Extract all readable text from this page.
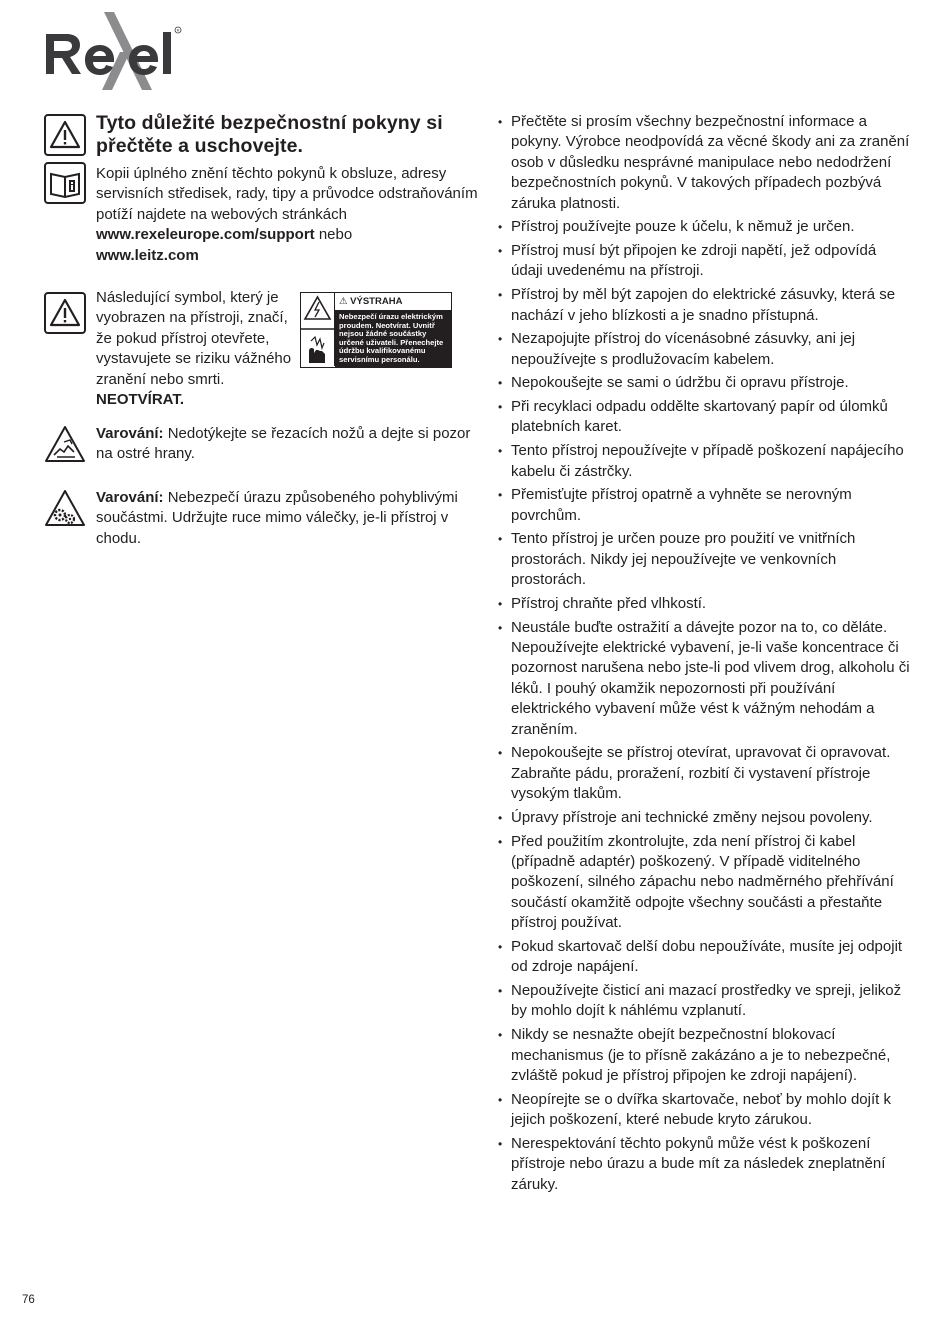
R
Tyto důležité bezpečnostní pokyny si přečtěte a uschovejte.

Kopii úplného znění těchto pokynů k obsluze, adresy servisních středisek, rady, tipy a průvodce odstraňováním potíží najdete na webových stránkách www.rexeleurope.com/support nebo
www.leitz.com

Následující symbol, který je vyobrazen na přístroji, značí, že pokud přístroj otevřete, vystavujete se riziku vážného zranění nebo smrti. NEOTVÍRAT.

⚠ VÝSTRAHA
Nebezpečí úrazu elektrickým proudem. Neotvírat. Uvnitř nejsou žádné součástky určené uživateli. Přenechejte údržbu kvalifikovanému servisnímu personálu.

Varování: Nedotýkejte se řezacích nožů a dejte si pozor na ostré hrany.

Varování: Nebezpečí úrazu způsobeného pohyblivými součástmi. Udržujte ruce mimo válečky, je-li přístroj v chodu.

• Přečtěte si prosím všechny bezpečnostní informace a pokyny. Výrobce neodpovídá za věcné škody ani za zranění osob v důsledku nesprávné manipulace nebo nedodržení bezpečnostních pokynů. V takových případech pozbývá záruka platnosti.
• Přístroj používejte pouze k účelu, k němuž je určen.
• Přístroj musí být připojen ke zdroji napětí, jež odpovídá údaji uvedenému na přístroji.
• Přístroj by měl být zapojen do elektrické zásuvky, která se nachází v jeho blízkosti a je snadno přístupná.
• Nezapojujte přístroj do vícenásobné zásuvky, ani jej nepoužívejte s prodlužovacím kabelem.
• Nepokoušejte se sami o údržbu či opravu přístroje.
• Při recyklaci odpadu oddělte skartovaný papír od úlomků platebních karet.
• Tento přístroj nepoužívejte v případě poškození napájecího kabelu či zástrčky.
• Přemisťujte přístroj opatrně a vyhněte se nerovným povrchům.
• Tento přístroj je určen pouze pro použití ve vnitřních prostorách. Nikdy jej nepoužívejte ve venkovních prostorách.
• Přístroj chraňte před vlhkostí.
• Neustále buďte ostražití a dávejte pozor na to, co děláte. Nepoužívejte elektrické vybavení, je-li vaše koncentrace či pozornost narušena nebo jste-li pod vlivem drog, alkoholu či léků. I pouhý okamžik nepozornosti při používání elektrického vybavení může vést k vážným nehodám a zraněním.
• Nepokoušejte se přístroj otevírat, upravovat či opravovat. Zabraňte pádu, proražení, rozbití či vystavení přístroje vysokým tlakům.
• Úpravy přístroje ani technické změny nejsou povoleny.
• Před použitím zkontrolujte, zda není přístroj či kabel (případně adaptér) poškozený. V případě viditelného poškození, silného zápachu nebo nadměrného přehřívání součástí okamžitě odpojte všechny součásti a přestaňte přístroj používat.
• Pokud skartovač delší dobu nepoužíváte, musíte jej odpojit od zdroje napájení.
• Nepoužívejte čisticí ani mazací prostředky ve spreji, jelikož by mohlo dojít k náhlému vzplanutí.
• Nikdy se nesnažte obejít bezpečnostní blokovací mechanismus (je to přísně zakázáno a je to nebezpečné, zvláště pokud je přístroj připojen ke zdroji napájení).
• Neopírejte se o dvířka skartovače, neboť by mohlo dojít k jejich poškození, které nebude kryto zárukou.
• Nerespektování těchto pokynů může vést k poškození přístroje nebo úrazu a bude mít za následek zneplatnění záruky.
76
